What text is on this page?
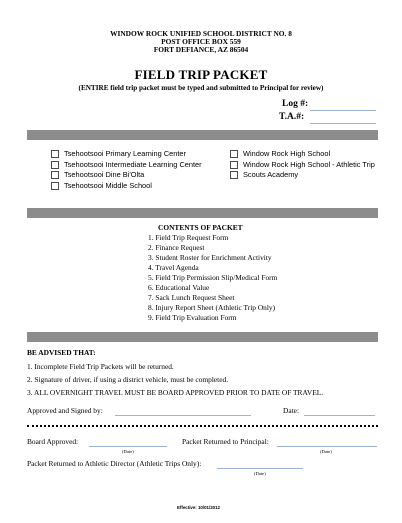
WINDOW ROCK UNIFIED SCHOOL DISTRICT NO. 8
POST OFFICE BOX 559
FORT DEFIANCE, AZ 86504
FIELD TRIP PACKET
(ENTIRE field trip packet must be typed and submitted to Principal for review)
Log #:
T.A.#:
Tsehootsooi Primary Learning Center
Tsehootsooi Intermediate Learning Center
Tsehootsooi Dine Bi'Olta
Tsehootsooi Middle School
Window Rock High School
Window Rock High School - Athletic Trip
Scouts Academy
CONTENTS OF PACKET
1. Field Trip Request Form
2. Finance Request
3. Student Roster for Enrichment Activity
4. Travel Agenda
5. Field Trip Permission Slip/Medical Form
6. Educational Value
7. Sack Lunch Request Sheet
8. Injury Report Sheet (Athletic Trip Only)
9. Field Trip Evaluation Form
BE ADVISED THAT:
1. Incomplete Field Trip Packets will be returned.
2. Signature of driver, if using a district vehicle, must be completed.
3. ALL OVERNIGHT TRAVEL MUST BE BOARD APPROVED PRIOR TO DATE OF TRAVEL.
Approved and Signed by:	Date:
Board Approved:
(Date)
Packet Returned to Principal:
(Date)
Packet Returned to Athletic Director (Athletic Trips Only):
(Date)
Effective: 10/01/2012
